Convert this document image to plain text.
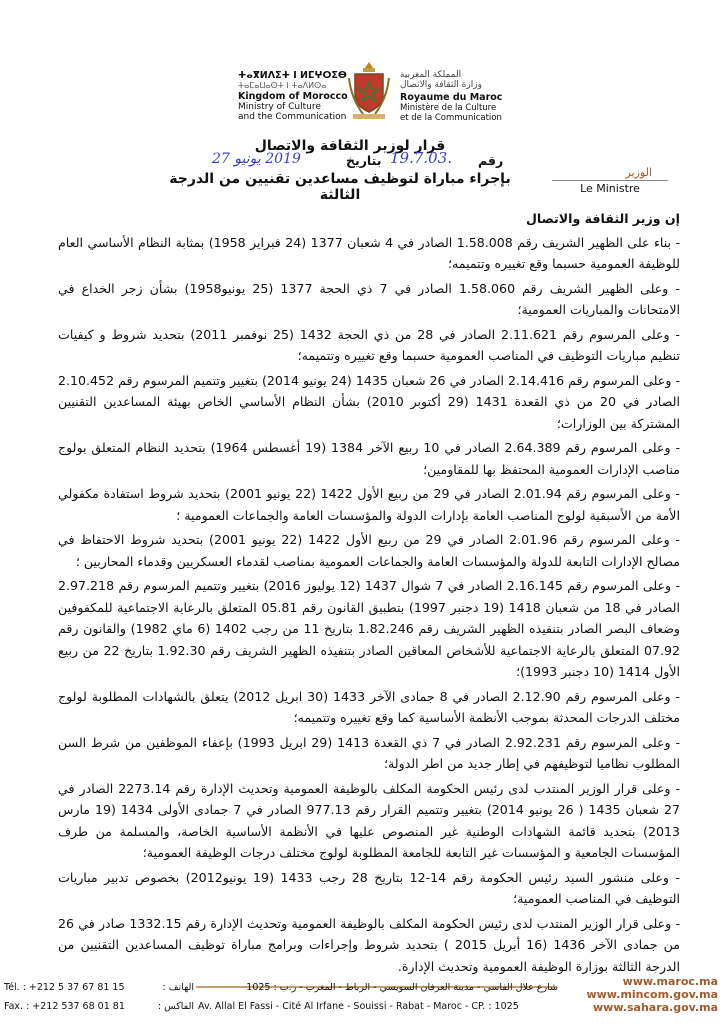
ⵜⴰⴳⵍⴷⵉⵜ ⵏ ⵍⵎⵖⵔⵉⴱ
ⵜⴰⵎⴰⵡⴰⵙⵜ ⵏ ⵜⴰⴷⵍⵙⴰ
Kingdom of Morocco
Ministry of Culture
and the Communication
المملكة المغربية
وزارة الثقافة والاتصال
Royaume du Maroc
Ministère de la Culture
et de la Communication
قرار لوزير الثقافة والاتصال
2019 يونيو 27	بتاريخ 19.7.03. رقم
بإجراء مباراة لتوظيف مساعدين تقنيين من الدرجة الثالثة
الوزير
Le Ministre

إن وزير الثقافة والاتصال

- بناء على الظهير الشريف رقم 1.58.008 الصادر في 4 شعبان 1377 (24 فبراير 1958) بمثابة النظام الأساسي العام للوظيفة العمومية حسبما وقع تغييره وتتميمه؛

- وعلى الظهير الشريف رقم 1.58.060 الصادر في 7 ذي الحجة 1377 (25 يونيو1958) بشأن زجر الخداع في الامتحانات والمباريات العمومية؛

- وعلى المرسوم رقم 2.11.621 الصادر في 28 من ذي الحجة 1432 (25 نوفمبر 2011) بتحديد شروط و كيفيات تنظيم مباريات التوظيف في المناصب العمومية حسبما وقع تغييره وتتميمه؛

- وعلى المرسوم رقم 2.14.416 الصادر في 26 شعبان 1435 (24 يونيو 2014) بتغيير وتتميم المرسوم رقم 2.10.452 الصادر في 20 من ذي القعدة 1431 (29 أكتوبر 2010) بشأن النظام الأساسي الخاص بهيئة المساعدين التقنيين المشتركة بين الوزارات؛

- وعلى المرسوم رقم 2.64.389 الصادر في 10 ربيع الآخر 1384 (19 أغسطس 1964) بتحديد النظام المتعلق بولوج مناصب الإدارات العمومية المحتفظ بها للمقاومين؛

- وعلى المرسوم رقم 2.01.94 الصادر في 29 من ربيع الأول 1422 (22 يونيو 2001) بتحديد شروط استفادة مكفولي الأمة من الأسبقية لولوج المناصب العامة بإدارات الدولة والمؤسسات العامة والجماعات العمومية ؛

- وعلى المرسوم رقم 2.01.96 الصادر في 29 من ربيع الأول 1422 (22 يونيو 2001) بتحديد شروط الاحتفاظ في مصالح الإدارات التابعة للدولة والمؤسسات العامة والجماعات العمومية بمناصب لقدماء العسكريين وقدماء المحاربين ؛

- وعلى المرسوم رقم 2.16.145 الصادر في 7 شوال 1437 (12 يوليوز 2016) بتغيير وتتميم المرسوم رقم 2.97.218 الصادر في 18 من شعبان 1418 (19 دجنبر 1997) بتطبيق القانون رقم 05.81 المتعلق بالرعاية الاجتماعية للمكفوفين وضعاف البصر الصادر بتنفيذه الظهير الشريف رقم 1.82.246 بتاريخ 11 من رجب 1402 (6 ماي 1982) والقانون رقم 07.92 المتعلق بالرعاية الاجتماعية للأشخاص المعاقين الصادر بتنفيذه الظهير الشريف رقم 1.92.30 بتاريخ 22 من ربيع الأول 1414 (10 دجنبر 1993)؛

- وعلى المرسوم رقم 2.12.90 الصادر في 8 جمادى الآخر 1433 (30 ابريل 2012) يتعلق بالشهادات المطلوبة لولوج مختلف الدرجات المحدثة بموجب الأنظمة الأساسية كما وقع تغييره وتتميمه؛

- وعلى المرسوم رقم 2.92.231 الصادر في 7 ذي القعدة 1413 (29 ابريل 1993) بإعفاء الموظفين من شرط السن المطلوب نظاميا لتوظيفهم في إطار جديد من اطر الدولة؛

- وعلى قرار الوزير المنتدب لدى رئيس الحكومة المكلف بالوظيفة العمومية وتحديث الإدارة رقم 2273.14 الصادر في 27 شعبان 1435 ( 26 يونيو 2014) بتغيير وتتميم القرار رقم 977.13 الصادر في 7 جمادى الأولى 1434 (19 مارس 2013) بتحديد قائمة الشهادات الوطنية غير المنصوص عليها في الأنظمة الأساسية الخاصة، والمسلمة من طرف المؤسسات الجامعية و المؤسسات غير التابعة للجامعة المطلوبة لولوج مختلف درجات الوظيفة العمومية؛

- وعلى منشور السيد رئيس الحكومة رقم 14-12 بتاريخ 28 رجب 1433 (19 يونيو2012) بخصوص تدبير مباريات التوظيف في المناصب العمومية؛

- وعلى قرار الوزير المنتدب لدى رئيس الحكومة المكلف بالوظيفة العمومية وتحديث الإدارة رقم 1332.15 صادر في 26 من جمادى الآخر 1436 (16 أبريل 2015 ) بتحديد شروط وإجراءات وبرامج مباراة توظيف المساعدين التقنيين من الدرجة الثالثة بوزارة الوظيفة العمومية وتحديث الإدارة.

Tél. : +212 5 37 67 81 15	الهاتف :
Fax. : +212 537 68 01 81	الفاكس :
شارع علال الفاسي - مدينة العرفان السويسي - الرباط - المغرب - ر.ب : 1025
Av. Allal El Fassi - Cité Al Irfane - Souissi - Rabat - Maroc - CP. : 1025
www.maroc.ma
www.mincom.gov.ma
www.sahara.gov.ma
